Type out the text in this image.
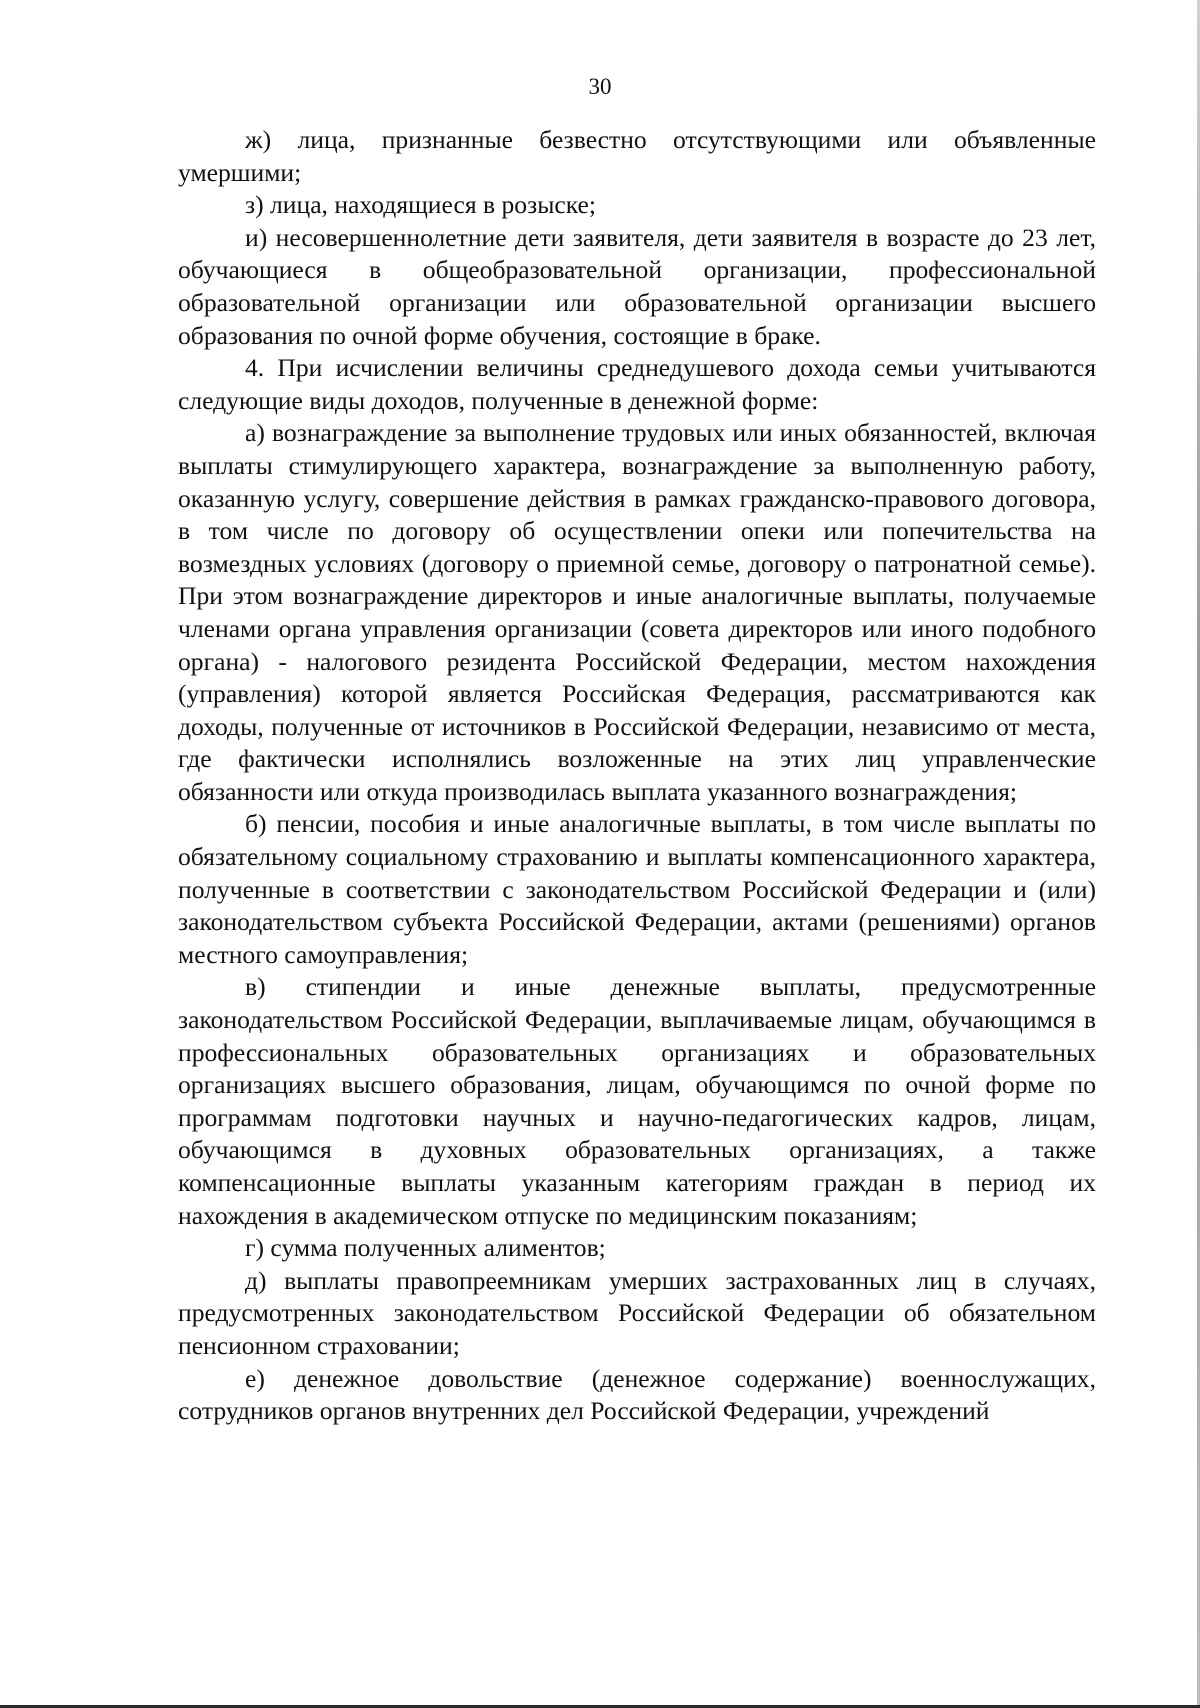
30

ж) лица, признанные безвестно отсутствующими или объявленные умершими;

з) лица, находящиеся в розыске;

и) несовершеннолетние дети заявителя, дети заявителя в возрасте до 23 лет, обучающиеся в общеобразовательной организации, профессиональной образовательной организации или образовательной организации высшего образования по очной форме обучения, состоящие в браке.

4. При исчислении величины среднедушевого дохода семьи учитываются следующие виды доходов, полученные в денежной форме:

а) вознаграждение за выполнение трудовых или иных обязанностей, включая выплаты стимулирующего характера, вознаграждение за выполненную работу, оказанную услугу, совершение действия в рамках гражданско-правового договора, в том числе по договору об осуществлении опеки или попечительства на возмездных условиях (договору о приемной семье, договору о патронатной семье). При этом вознаграждение директоров и иные аналогичные выплаты, получаемые членами органа управления организации (совета директоров или иного подобного органа) - налогового резидента Российской Федерации, местом нахождения (управления) которой является Российская Федерация, рассматриваются как доходы, полученные от источников в Российской Федерации, независимо от места, где фактически исполнялись возложенные на этих лиц управленческие обязанности или откуда производилась выплата указанного вознаграждения;

б) пенсии, пособия и иные аналогичные выплаты, в том числе выплаты по обязательному социальному страхованию и выплаты компенсационного характера, полученные в соответствии с законодательством Российской Федерации и (или) законодательством субъекта Российской Федерации, актами (решениями) органов местного самоуправления;

в) стипендии и иные денежные выплаты, предусмотренные законодательством Российской Федерации, выплачиваемые лицам, обучающимся в профессиональных образовательных организациях и образовательных организациях высшего образования, лицам, обучающимся по очной форме по программам подготовки научных и научно-педагогических кадров, лицам, обучающимся в духовных образовательных организациях, а также компенсационные выплаты указанным категориям граждан в период их нахождения в академическом отпуске по медицинским показаниям;

г) сумма полученных алиментов;

д) выплаты правопреемникам умерших застрахованных лиц в случаях, предусмотренных законодательством Российской Федерации об обязательном пенсионном страховании;

е) денежное довольствие (денежное содержание) военнослужащих, сотрудников органов внутренних дел Российской Федерации, учреждений
